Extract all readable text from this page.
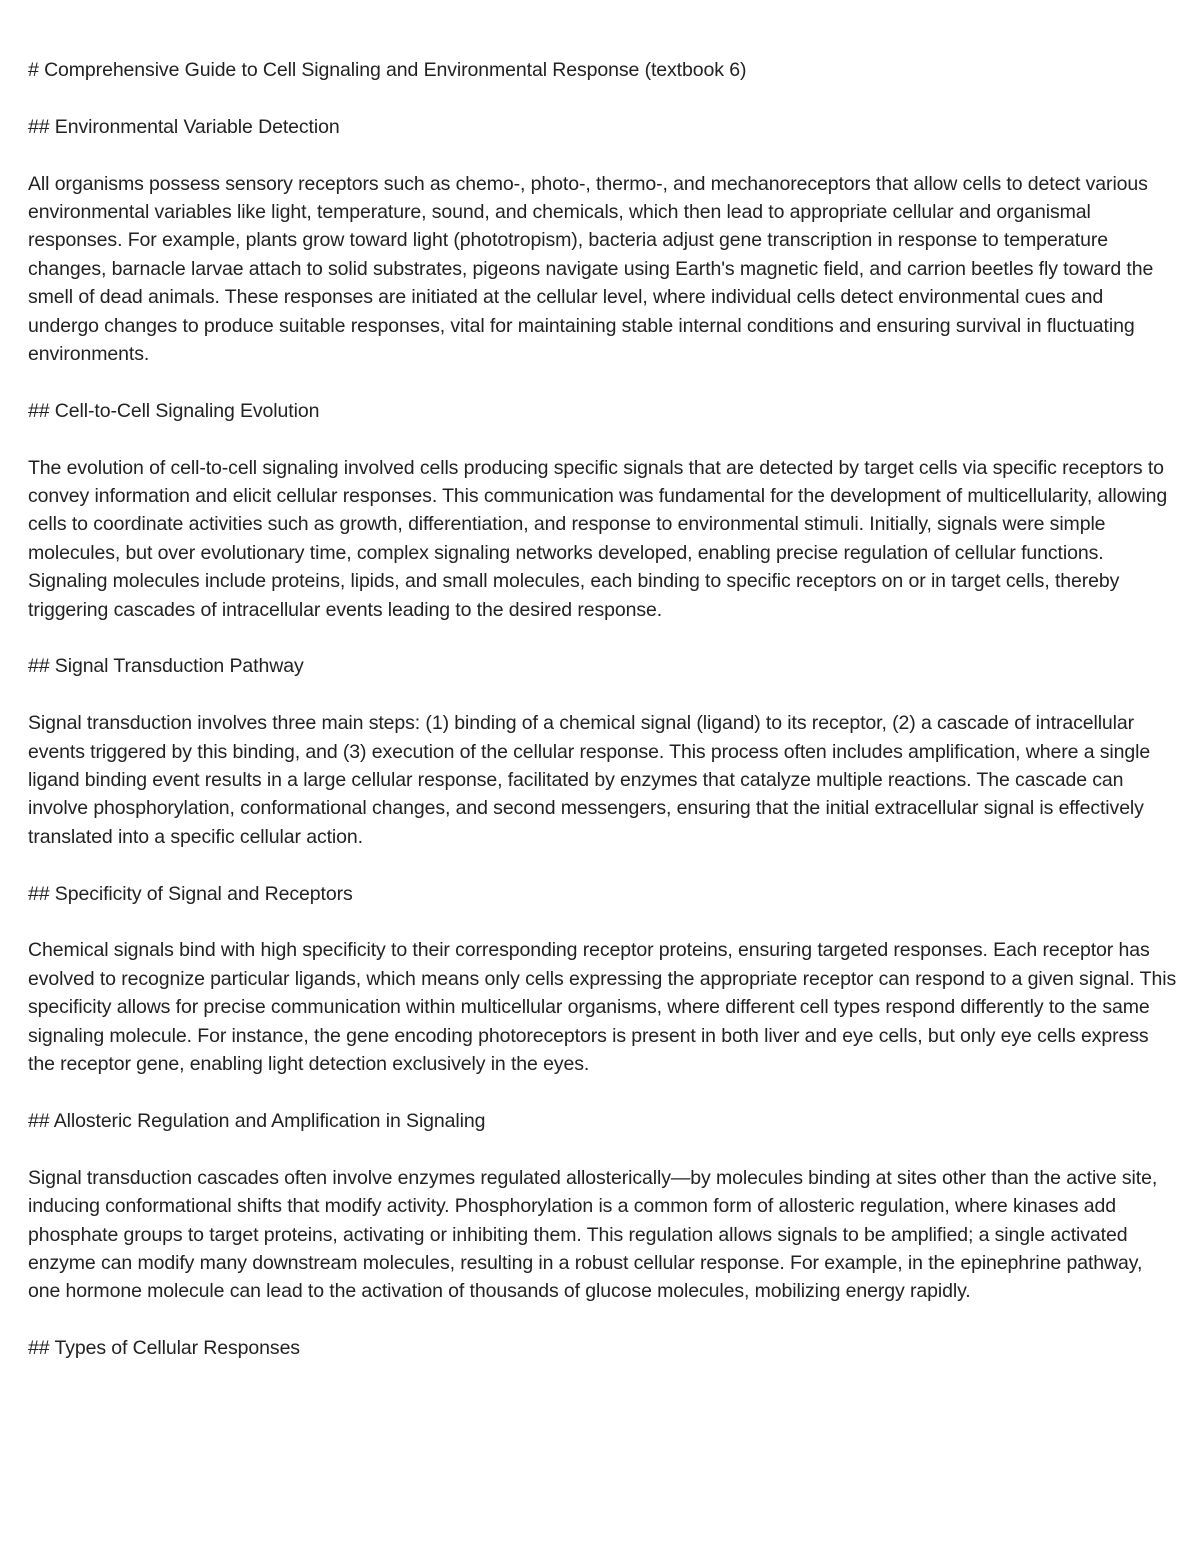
# Comprehensive Guide to Cell Signaling and Environmental Response (textbook 6)

## Environmental Variable Detection

All organisms possess sensory receptors such as chemo-, photo-, thermo-, and mechanoreceptors that allow cells to detect various environmental variables like light, temperature, sound, and chemicals, which then lead to appropriate cellular and organismal responses. For example, plants grow toward light (phototropism), bacteria adjust gene transcription in response to temperature changes, barnacle larvae attach to solid substrates, pigeons navigate using Earth's magnetic field, and carrion beetles fly toward the smell of dead animals. These responses are initiated at the cellular level, where individual cells detect environmental cues and undergo changes to produce suitable responses, vital for maintaining stable internal conditions and ensuring survival in fluctuating environments.

## Cell-to-Cell Signaling Evolution

The evolution of cell-to-cell signaling involved cells producing specific signals that are detected by target cells via specific receptors to convey information and elicit cellular responses. This communication was fundamental for the development of multicellularity, allowing cells to coordinate activities such as growth, differentiation, and response to environmental stimuli. Initially, signals were simple molecules, but over evolutionary time, complex signaling networks developed, enabling precise regulation of cellular functions. Signaling molecules include proteins, lipids, and small molecules, each binding to specific receptors on or in target cells, thereby triggering cascades of intracellular events leading to the desired response.

## Signal Transduction Pathway

Signal transduction involves three main steps: (1) binding of a chemical signal (ligand) to its receptor, (2) a cascade of intracellular events triggered by this binding, and (3) execution of the cellular response. This process often includes amplification, where a single ligand binding event results in a large cellular response, facilitated by enzymes that catalyze multiple reactions. The cascade can involve phosphorylation, conformational changes, and second messengers, ensuring that the initial extracellular signal is effectively translated into a specific cellular action.

## Specificity of Signal and Receptors

Chemical signals bind with high specificity to their corresponding receptor proteins, ensuring targeted responses. Each receptor has evolved to recognize particular ligands, which means only cells expressing the appropriate receptor can respond to a given signal. This specificity allows for precise communication within multicellular organisms, where different cell types respond differently to the same signaling molecule. For instance, the gene encoding photoreceptors is present in both liver and eye cells, but only eye cells express the receptor gene, enabling light detection exclusively in the eyes.

## Allosteric Regulation and Amplification in Signaling

Signal transduction cascades often involve enzymes regulated allosterically—by molecules binding at sites other than the active site, inducing conformational shifts that modify activity. Phosphorylation is a common form of allosteric regulation, where kinases add phosphate groups to target proteins, activating or inhibiting them. This regulation allows signals to be amplified; a single activated enzyme can modify many downstream molecules, resulting in a robust cellular response. For example, in the epinephrine pathway, one hormone molecule can lead to the activation of thousands of glucose molecules, mobilizing energy rapidly.

## Types of Cellular Responses
